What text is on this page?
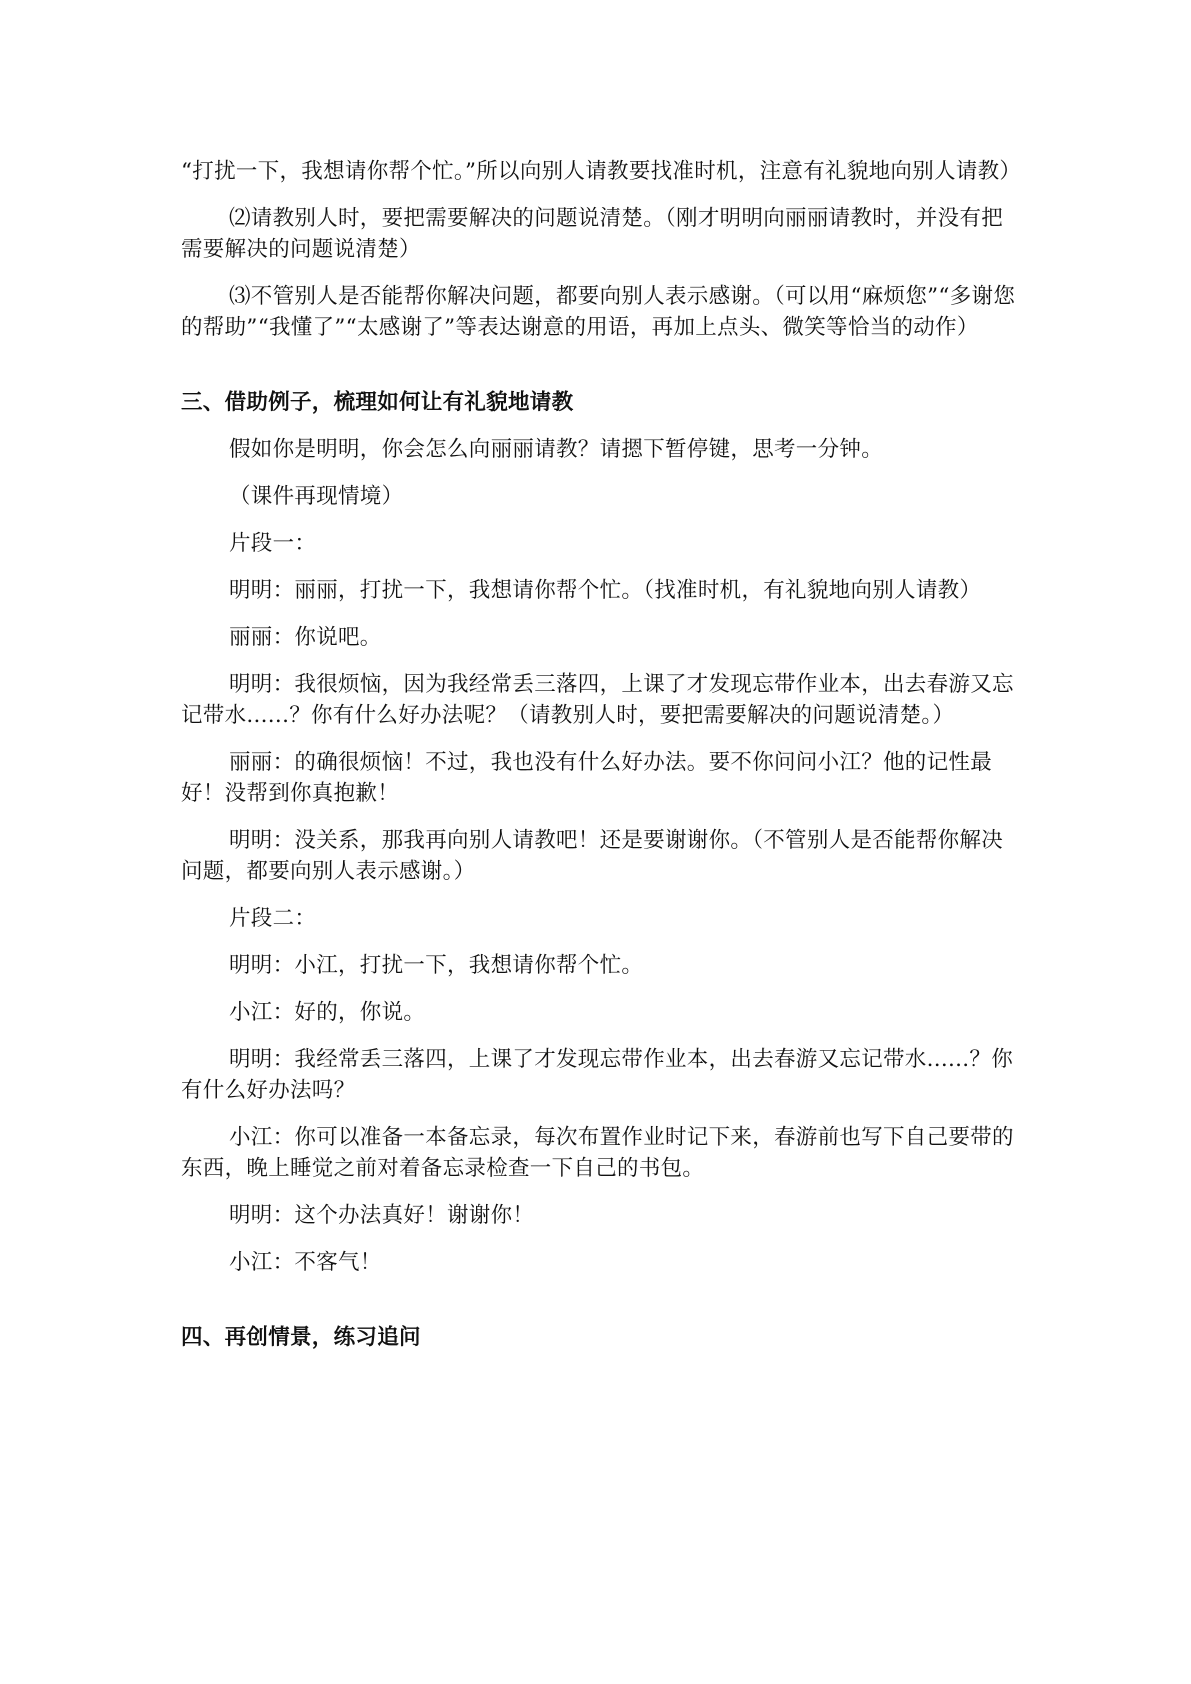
“打扰一下，我想请你帮个忙。”所以向别人请教要找准时机，注意有礼貌地向别人请教）

⑵请教别人时，要把需要解决的问题说清楚。（刚才明明向丽丽请教时，并没有把需要解决的问题说清楚）

⑶不管别人是否能帮你解决问题，都要向别人表示感谢。（可以用“麻烦您”“多谢您的帮助”“我懂了”“太感谢了”等表达谢意的用语，再加上点头、微笑等恰当的动作）

三、借助例子，梳理如何让有礼貌地请教

假如你是明明，你会怎么向丽丽请教？请摁下暂停键，思考一分钟。

（课件再现情境）

片段一：

明明：丽丽，打扰一下，我想请你帮个忙。（找准时机，有礼貌地向别人请教）

丽丽：你说吧。

明明：我很烦恼，因为我经常丢三落四，上课了才发现忘带作业本，出去春游又忘记带水......？你有什么好办法呢？（请教别人时，要把需要解决的问题说清楚。）

丽丽：的确很烦恼！不过，我也没有什么好办法。要不你问问小江？他的记性最好！没帮到你真抱歉！

明明：没关系，那我再向别人请教吧！还是要谢谢你。（不管别人是否能帮你解决问题，都要向别人表示感谢。）

片段二：

明明：小江，打扰一下，我想请你帮个忙。

小江：好的，你说。

明明：我经常丢三落四，上课了才发现忘带作业本，出去春游又忘记带水......？你有什么好办法吗？

小江：你可以准备一本备忘录，每次布置作业时记下来，春游前也写下自己要带的东西，晚上睡觉之前对着备忘录检查一下自己的书包。

明明：这个办法真好！谢谢你！

小江：不客气！

四、再创情景，练习追问
